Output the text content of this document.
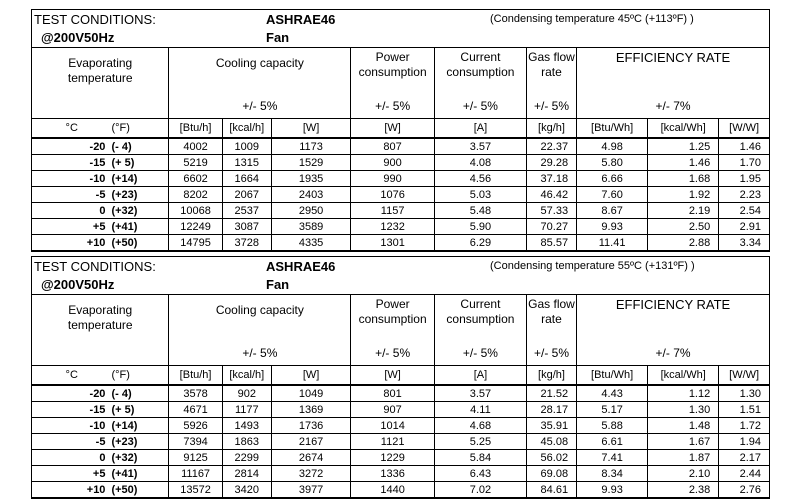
TEST CONDITIONS:
@200V50Hz
ASHRAE46
Fan
(Condensing temperature 45ºC (+113ºF) )
Evaporating
temperature		Cooling capacity			Power
consumption	Current
consumption	Gas flow
rate	EFFICIENCY RATE		
		+/- 5%			+/- 5%	+/- 5%	+/- 5%	+/- 7%		
°C	(°F)	[Btu/h]	[kcal/h]	[W]	[W]	[A]	[kg/h]	[Btu/Wh]	[kcal/Wh]	[W/W]
-20	(- 4)	4002	1009	1173	807	3.57	22.37	4.98	1.25	1.46
-15	(+ 5)	5219	1315	1529	900	4.08	29.28	5.80	1.46	1.70
-10	(+14)	6602	1664	1935	990	4.56	37.18	6.66	1.68	1.95
-5	(+23)	8202	2067	2403	1076	5.03	46.42	7.60	1.92	2.23
0	(+32)	10068	2537	2950	1157	5.48	57.33	8.67	2.19	2.54
+5	(+41)	12249	3087	3589	1232	5.90	70.27	9.93	2.50	2.91
+10	(+50)	14795	3728	4335	1301	6.29	85.57	11.41	2.88	3.34
TEST CONDITIONS:
@200V50Hz
ASHRAE46
Fan
(Condensing temperature 55ºC (+131ºF) )
Evaporating
temperature		Cooling capacity			Power
consumption	Current
consumption	Gas flow
rate	EFFICIENCY RATE		
		+/- 5%			+/- 5%	+/- 5%	+/- 5%	+/- 7%		
°C	(°F)	[Btu/h]	[kcal/h]	[W]	[W]	[A]	[kg/h]	[Btu/Wh]	[kcal/Wh]	[W/W]
-20	(- 4)	3578	902	1049	801	3.57	21.52	4.43	1.12	1.30
-15	(+ 5)	4671	1177	1369	907	4.11	28.17	5.17	1.30	1.51
-10	(+14)	5926	1493	1736	1014	4.68	35.91	5.88	1.48	1.72
-5	(+23)	7394	1863	2167	1121	5.25	45.08	6.61	1.67	1.94
0	(+32)	9125	2299	2674	1229	5.84	56.02	7.41	1.87	2.17
+5	(+41)	11167	2814	3272	1336	6.43	69.08	8.34	2.10	2.44
+10	(+50)	13572	3420	3977	1440	7.02	84.61	9.93	2.38	2.76
